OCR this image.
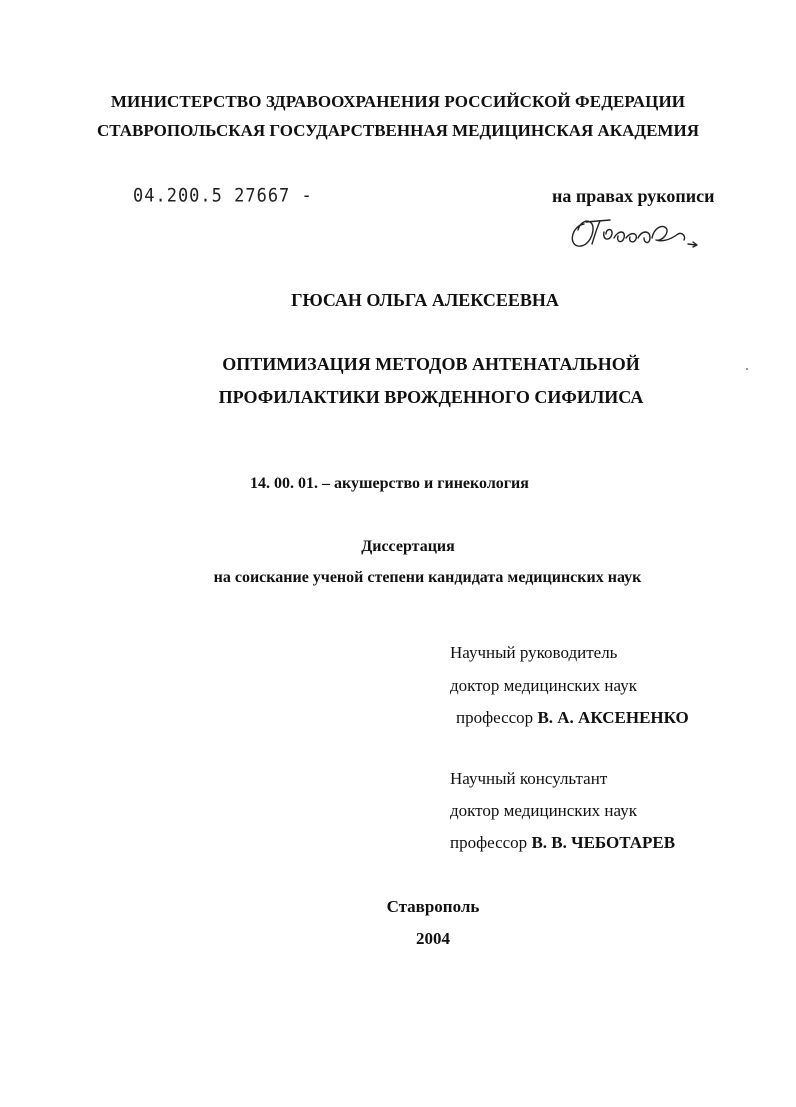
МИНИСТЕРСТВО ЗДРАВООХРАНЕНИЯ РОССИЙСКОЙ ФЕДЕРАЦИИ
СТАВРОПОЛЬСКАЯ ГОСУДАРСТВЕННАЯ МЕДИЦИНСКАЯ АКАДЕМИЯ
04.200.5 27667 -	на правах рукописи
ГЮСАН ОЛЬГА АЛЕКСЕЕВНА
ОПТИМИЗАЦИЯ МЕТОДОВ АНТЕНАТАЛЬНОЙ
ПРОФИЛАКТИКИ ВРОЖДЕННОГО СИФИЛИСА
14. 00. 01. – акушерство и гинекология
Диссертация
на соискание ученой степени кандидата медицинских наук
Научный руководитель
доктор медицинских наук
профессор В. А. АКСЕНЕНКО
Научный консультант
доктор медицинских наук
профессор В. В. ЧЕБОТАРЕВ
Ставрополь
2004
